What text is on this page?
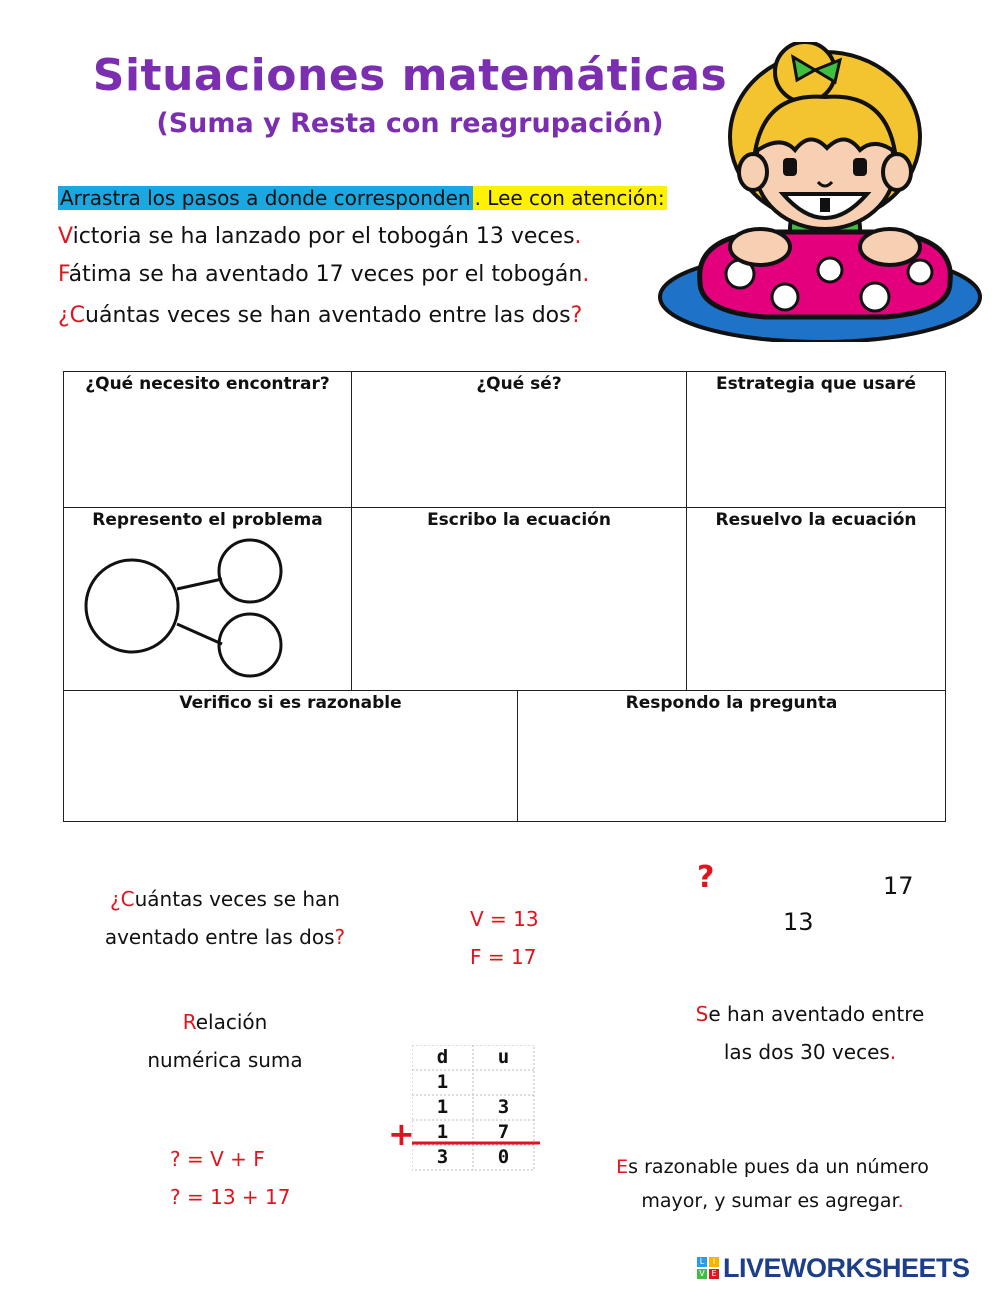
Situaciones matemáticas
(Suma y Resta con reagrupación)
Arrastra los pasos a donde corresponden . Lee con atención:
Victoria se ha lanzado por el tobogán 13 veces.
Fátima se ha aventado 17 veces por el tobogán.
¿Cuántas veces se han aventado entre las dos?
¿Qué necesito encontrar?	¿Qué sé?	Estrategia que usaré
Represento el problema	Escribo la ecuación	Resuelvo la ecuación
Verifico si es razonable	Respondo la pregunta
¿Cuántas veces se han
aventado entre las dos?
V = 13
F = 17
?	17
13
Relación
numérica suma
Se han aventado entre
las dos 30 veces.
? = V + F
? = 13 + 17
Es razonable pues da un número
mayor, y sumar es agregar.
+
d	u
1
1	3
1	7
3	0
L	I
V E LIVEWORKSHEETS
